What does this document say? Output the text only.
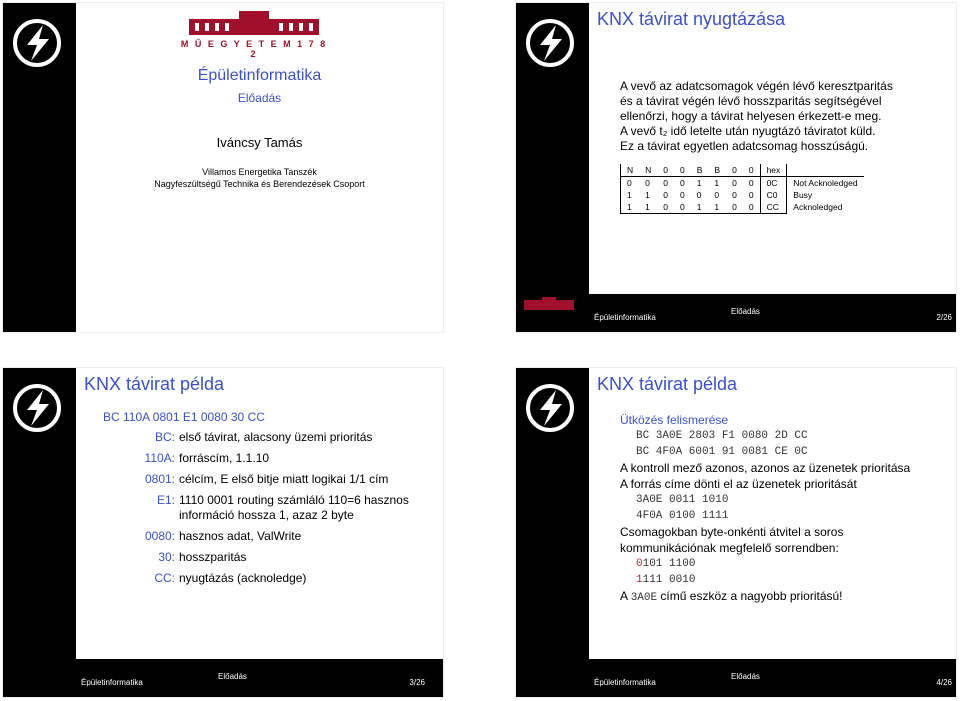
M Ű E G Y E T E M 1 7 8 2
Épületinformatika
Előadás
Iváncsy Tamás
Villamos Energetika Tanszék
Nagyfeszültségű Technika és Berendezések Csoport
KNX távirat nyugtázása

A vevő az adatcsomagok végén lévő keresztparitás

és a távirat végén lévő hosszparitás segítségével

ellenőrzi, hogy a távirat helyesen érkezett-e meg.

A vevő t₂ idő letelte után nyugtázó táviratot küld.

Ez a távirat egyetlen adatcsomag hosszúságú.

N	N	0	0	B	B	0	0	hex	
0	0	0	0	1	1	0	0	0C	Not Acknoledged
1	1	0	0	0	0	0	0	C0	Busy
1	1	0	0	1	1	0	0	CC	Acknoledged
Előadás
Épületinformatika	2/26
KNX távirat példa
BC 110A 0801 E1 0080 30 CC
BC: első távirat, alacsony üzemi prioritás
110A: forráscím, 1.1.10
0801: célcím, E első bitje miatt logikai 1/1 cím
E1: 1110 0001 routing számláló 110=6 hasznos információ hossza 1, azaz 2 byte
0080: hasznos adat, ValWrite
30: hosszparitás
CC: nyugtázás (acknoledge)
Előadás
Épületinformatika	3/26
KNX távirat példa
Ütközés felismerése
BC 3A0E 2803 F1 0080 2D CC
BC 4F0A 6001 91 0081 CE 0C
A kontroll mező azonos, azonos az üzenetek prioritása
A forrás címe dönti el az üzenetek prioritását
3A0E 0011 1010
4F0A 0100 1111
Csomagokban byte-onkénti átvitel a soros kommunikációnak megfelelő sorrendben:
0101 1100
1111 0010
A 3A0E című eszköz a nagyobb prioritású!
Előadás
Épületinformatika	4/26
